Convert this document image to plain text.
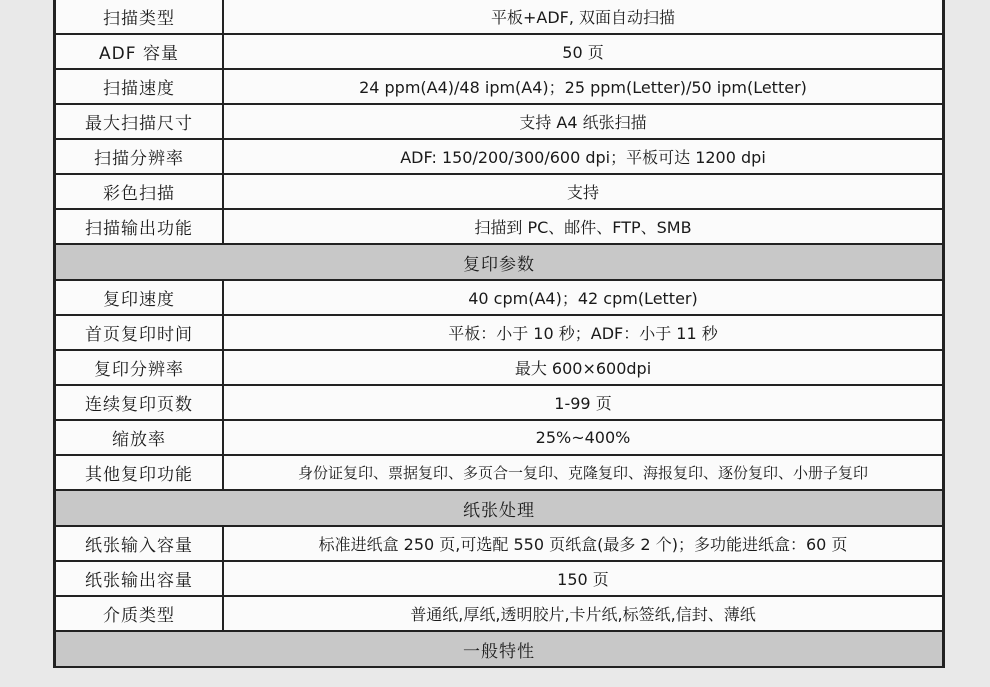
扫描类型	平板+ADF, 双面自动扫描
ADF 容量	50 页
扫描速度	24 ppm(A4)/48 ipm(A4)；25 ppm(Letter)/50 ipm(Letter)
最大扫描尺寸	支持 A4 纸张扫描
扫描分辨率	ADF: 150/200/300/600 dpi；平板可达 1200 dpi
彩色扫描	支持
扫描输出功能	扫描到 PC、邮件、FTP、SMB
复印参数
复印速度	40 cpm(A4)；42 cpm(Letter)
首页复印时间	平板：小于 10 秒；ADF：小于 11 秒
复印分辨率	最大 600×600dpi
连续复印页数	1-99 页
缩放率	25%~400%
其他复印功能	身份证复印、票据复印、多页合一复印、克隆复印、海报复印、逐份复印、小册子复印
纸张处理
纸张输入容量	标准进纸盒 250 页,可选配 550 页纸盒(最多 2 个)；多功能进纸盒：60 页
纸张输出容量	150 页
介质类型	普通纸,厚纸,透明胶片,卡片纸,标签纸,信封、薄纸
一般特性
